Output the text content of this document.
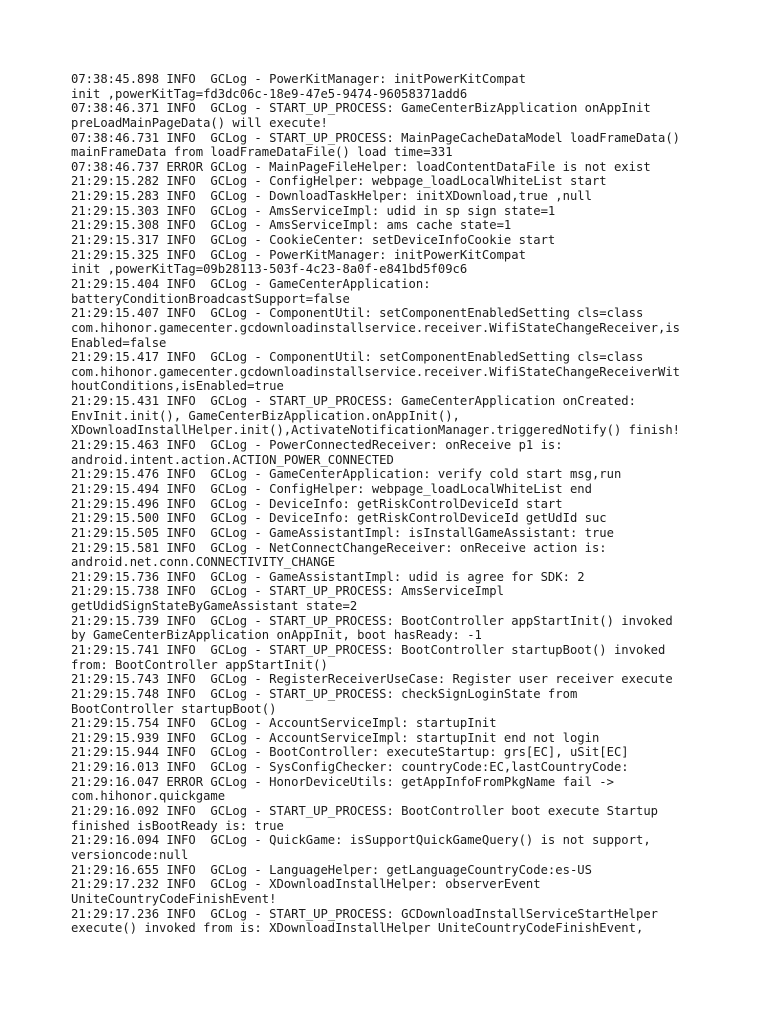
07:38:45.898 INFO  GCLog - PowerKitManager: initPowerKitCompat
init ,powerKitTag=fd3dc06c-18e9-47e5-9474-96058371add6
07:38:46.371 INFO  GCLog - START_UP_PROCESS: GameCenterBizApplication onAppInit
preLoadMainPageData() will execute!
07:38:46.731 INFO  GCLog - START_UP_PROCESS: MainPageCacheDataModel loadFrameData()
mainFrameData from loadFrameDataFile() load time=331
07:38:46.737 ERROR GCLog - MainPageFileHelper: loadContentDataFile is not exist
21:29:15.282 INFO  GCLog - ConfigHelper: webpage_loadLocalWhiteList start
21:29:15.283 INFO  GCLog - DownloadTaskHelper: initXDownload,true ,null
21:29:15.303 INFO  GCLog - AmsServiceImpl: udid in sp sign state=1
21:29:15.308 INFO  GCLog - AmsServiceImpl: ams cache state=1
21:29:15.317 INFO  GCLog - CookieCenter: setDeviceInfoCookie start
21:29:15.325 INFO  GCLog - PowerKitManager: initPowerKitCompat
init ,powerKitTag=09b28113-503f-4c23-8a0f-e841bd5f09c6
21:29:15.404 INFO  GCLog - GameCenterApplication:
batteryConditionBroadcastSupport=false
21:29:15.407 INFO  GCLog - ComponentUtil: setComponentEnabledSetting cls=class
com.hihonor.gamecenter.gcdownloadinstallservice.receiver.WifiStateChangeReceiver,is
Enabled=false
21:29:15.417 INFO  GCLog - ComponentUtil: setComponentEnabledSetting cls=class
com.hihonor.gamecenter.gcdownloadinstallservice.receiver.WifiStateChangeReceiverWit
houtConditions,isEnabled=true
21:29:15.431 INFO  GCLog - START_UP_PROCESS: GameCenterApplication onCreated:
EnvInit.init(), GameCenterBizApplication.onAppInit(),
XDownloadInstallHelper.init(),ActivateNotificationManager.triggeredNotify() finish!
21:29:15.463 INFO  GCLog - PowerConnectedReceiver: onReceive p1 is:
android.intent.action.ACTION_POWER_CONNECTED
21:29:15.476 INFO  GCLog - GameCenterApplication: verify cold start msg,run
21:29:15.494 INFO  GCLog - ConfigHelper: webpage_loadLocalWhiteList end
21:29:15.496 INFO  GCLog - DeviceInfo: getRiskControlDeviceId start
21:29:15.500 INFO  GCLog - DeviceInfo: getRiskControlDeviceId getUdId suc
21:29:15.505 INFO  GCLog - GameAssistantImpl: isInstallGameAssistant: true
21:29:15.581 INFO  GCLog - NetConnectChangeReceiver: onReceive action is:
android.net.conn.CONNECTIVITY_CHANGE
21:29:15.736 INFO  GCLog - GameAssistantImpl: udid is agree for SDK: 2
21:29:15.738 INFO  GCLog - START_UP_PROCESS: AmsServiceImpl
getUdidSignStateByGameAssistant state=2
21:29:15.739 INFO  GCLog - START_UP_PROCESS: BootController appStartInit() invoked
by GameCenterBizApplication onAppInit, boot hasReady: -1
21:29:15.741 INFO  GCLog - START_UP_PROCESS: BootController startupBoot() invoked
from: BootController appStartInit()
21:29:15.743 INFO  GCLog - RegisterReceiverUseCase: Register user receiver execute
21:29:15.748 INFO  GCLog - START_UP_PROCESS: checkSignLoginState from
BootController startupBoot()
21:29:15.754 INFO  GCLog - AccountServiceImpl: startupInit
21:29:15.939 INFO  GCLog - AccountServiceImpl: startupInit end not login
21:29:15.944 INFO  GCLog - BootController: executeStartup: grs[EC], uSit[EC]
21:29:16.013 INFO  GCLog - SysConfigChecker: countryCode:EC,lastCountryCode:
21:29:16.047 ERROR GCLog - HonorDeviceUtils: getAppInfoFromPkgName fail ->
com.hihonor.quickgame
21:29:16.092 INFO  GCLog - START_UP_PROCESS: BootController boot execute Startup
finished isBootReady is: true
21:29:16.094 INFO  GCLog - QuickGame: isSupportQuickGameQuery() is not support,
versioncode:null
21:29:16.655 INFO  GCLog - LanguageHelper: getLanguageCountryCode:es-US
21:29:17.232 INFO  GCLog - XDownloadInstallHelper: observerEvent
UniteCountryCodeFinishEvent!
21:29:17.236 INFO  GCLog - START_UP_PROCESS: GCDownloadInstallServiceStartHelper
execute() invoked from is: XDownloadInstallHelper UniteCountryCodeFinishEvent,
